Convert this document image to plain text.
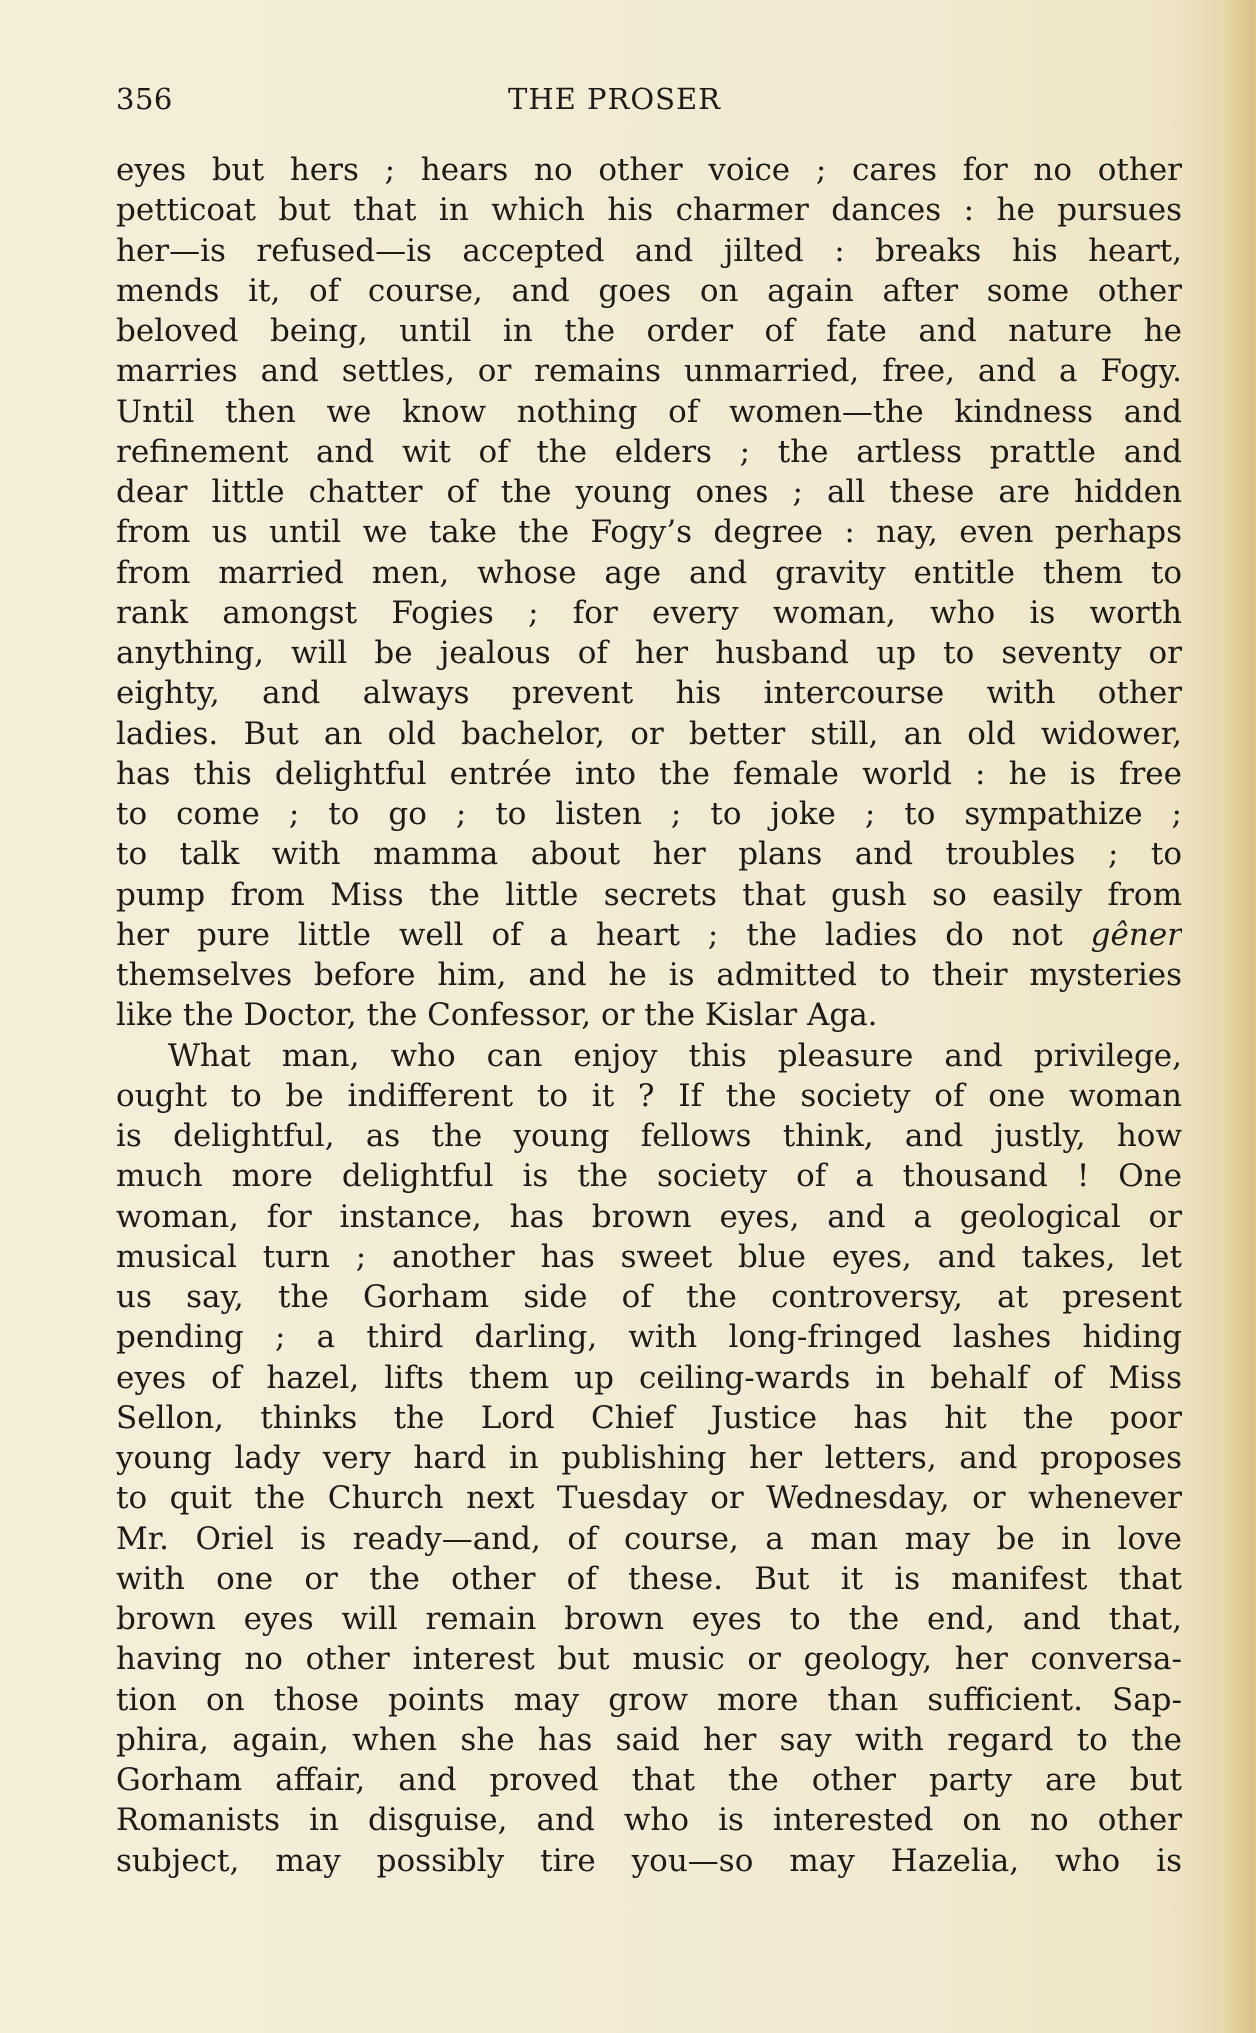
356	THE PROSER
eyes but hers ; hears no other voice ; cares for no other
petticoat but that in which his charmer dances : he pursues
her—is refused—is accepted and jilted : breaks his heart,
mends it, of course, and goes on again after some other
beloved being, until in the order of fate and nature he
marries and settles, or remains unmarried, free, and a Fogy.
Until then we know nothing of women—the kindness and
refinement and wit of the elders ; the artless prattle and
dear little chatter of the young ones ; all these are hidden
from us until we take the Fogy’s degree : nay, even perhaps
from married men, whose age and gravity entitle them to
rank amongst Fogies ; for every woman, who is worth
anything, will be jealous of her husband up to seventy or
eighty, and always prevent his intercourse with other
ladies. But an old bachelor, or better still, an old widower,
has this delightful entrée into the female world : he is free
to come ; to go ; to listen ; to joke ; to sympathize ;
to talk with mamma about her plans and troubles ; to
pump from Miss the little secrets that gush so easily from
her pure little well of a heart ; the ladies do not gêner
themselves before him, and he is admitted to their mysteries
like the Doctor, the Confessor, or the Kislar Aga.
What man, who can enjoy this pleasure and privilege,
ought to be indifferent to it ? If the society of one woman
is delightful, as the young fellows think, and justly, how
much more delightful is the society of a thousand ! One
woman, for instance, has brown eyes, and a geological or
musical turn ; another has sweet blue eyes, and takes, let
us say, the Gorham side of the controversy, at present
pending ; a third darling, with long-fringed lashes hiding
eyes of hazel, lifts them up ceiling-wards in behalf of Miss
Sellon, thinks the Lord Chief Justice has hit the poor
young lady very hard in publishing her letters, and proposes
to quit the Church next Tuesday or Wednesday, or whenever
Mr. Oriel is ready—and, of course, a man may be in love
with one or the other of these. But it is manifest that
brown eyes will remain brown eyes to the end, and that,
having no other interest but music or geology, her conversa-
tion on those points may grow more than sufficient. Sap-
phira, again, when she has said her say with regard to the
Gorham affair, and proved that the other party are but
Romanists in disguise, and who is interested on no other
subject, may possibly tire you—so may Hazelia, who is
